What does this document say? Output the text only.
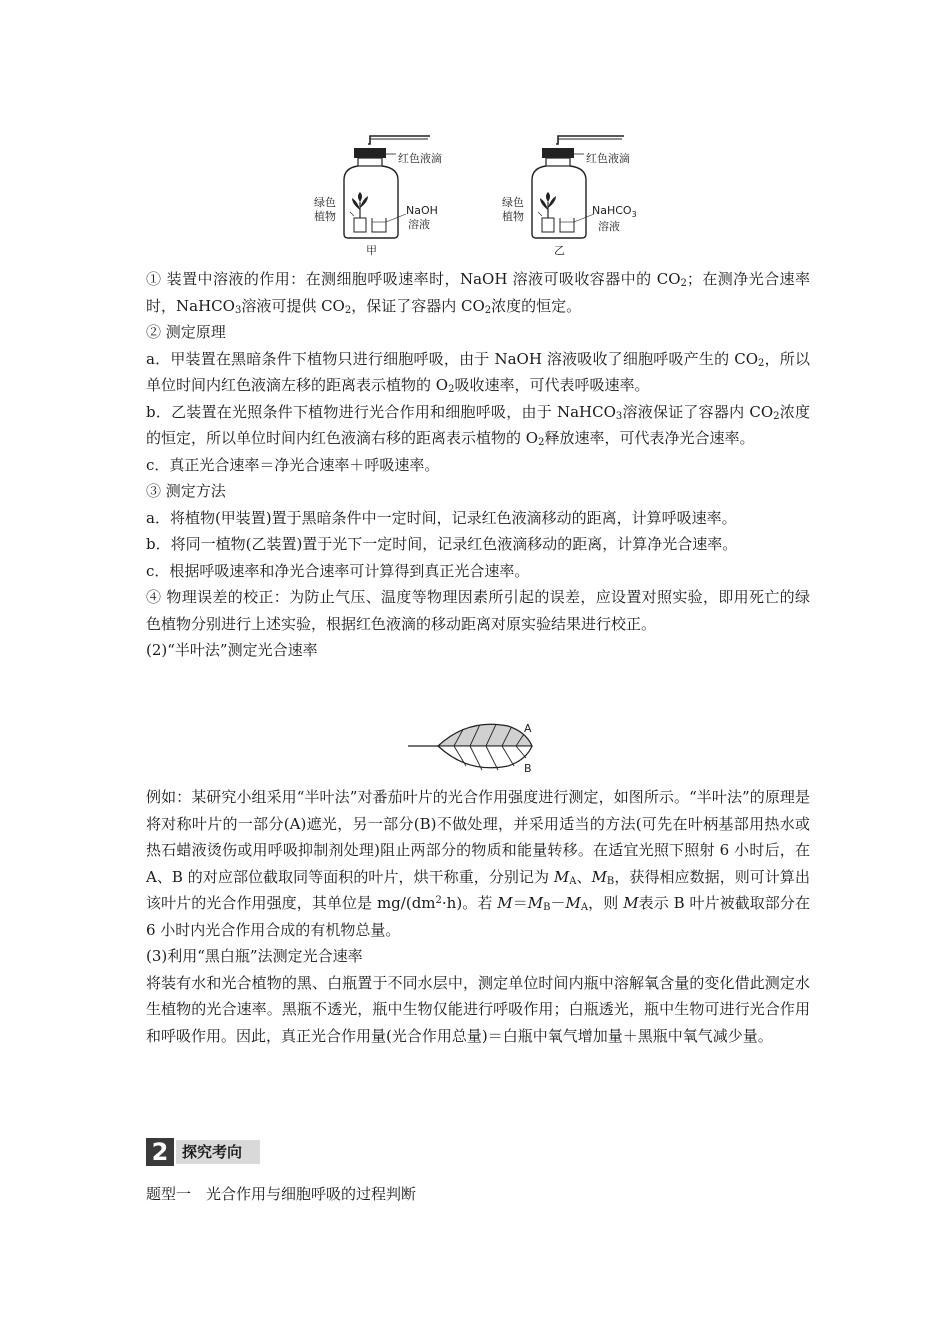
红色液滴
绿色
植物	NaOH
溶液
甲
红色液滴
绿色
植物	NaHCO$_3$
溶液
乙

① 装置中溶液的作用：在测细胞呼吸速率时，NaOH 溶液可吸收容器中的 $CO_2$；在测净光合速率时，NaHCO$_3$溶液可提供 $CO_2$，保证了容器内 $CO_2$浓度的恒定。

② 测定原理

a．甲装置在黑暗条件下植物只进行细胞呼吸，由于 NaOH 溶液吸收了细胞呼吸产生的 $CO_2$，所以单位时间内红色液滴左移的距离表示植物的 $O_2$吸收速率，可代表呼吸速率。

b．乙装置在光照条件下植物进行光合作用和细胞呼吸，由于 NaHCO$_3$溶液保证了容器内 $CO_2$浓度的恒定，所以单位时间内红色液滴右移的距离表示植物的 $O_2$释放速率，可代表净光合速率。

c．真正光合速率＝净光合速率＋呼吸速率。

③ 测定方法

a．将植物(甲装置)置于黑暗条件中一定时间，记录红色液滴移动的距离，计算呼吸速率。

b．将同一植物(乙装置)置于光下一定时间，记录红色液滴移动的距离，计算净光合速率。

c．根据呼吸速率和净光合速率可计算得到真正光合速率。

④ 物理误差的校正：为防止气压、温度等物理因素所引起的误差，应设置对照实验，即用死亡的绿色植物分别进行上述实验，根据红色液滴的移动距离对原实验结果进行校正。

(2)“半叶法”测定光合速率

A
B

例如：某研究小组采用“半叶法”对番茄叶片的光合作用强度进行测定，如图所示。“半叶法”的原理是将对称叶片的一部分(A)遮光，另一部分(B)不做处理，并采用适当的方法(可先在叶柄基部用热水或热石蜡液烫伤或用呼吸抑制剂处理)阻止两部分的物质和能量转移。在适宜光照下照射 6 小时后，在 A、B 的对应部位截取同等面积的叶片，烘干称重，分别记为 $M_A$、$M_B$，获得相应数据，则可计算出该叶片的光合作用强度，其单位是 $mg/(dm^2\cdot h)$。若 $M=M_B-M_A$，则 M表示 B 叶片被截取部分在 6 小时内光合作用合成的有机物总量。

(3)利用“黑白瓶”法测定光合速率

将装有水和光合植物的黑、白瓶置于不同水层中，测定单位时间内瓶中溶解氧含量的变化借此测定水生植物的光合速率。黑瓶不透光，瓶中生物仅能进行呼吸作用；白瓶透光，瓶中生物可进行光合作用和呼吸作用。因此，真正光合作用量(光合作用总量)＝白瓶中氧气增加量＋黑瓶中氧气减少量。

2 探究考向
题型一　光合作用与细胞呼吸的过程判断
